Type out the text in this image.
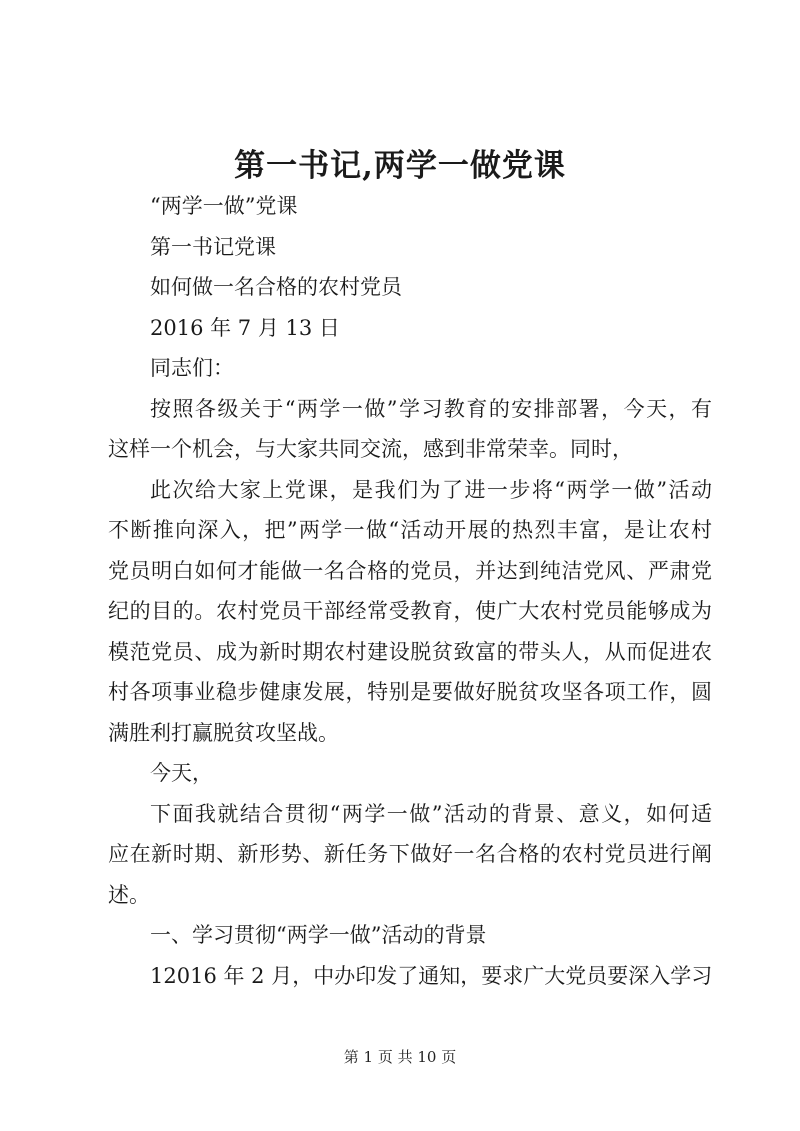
第一书记,两学一做党课
“两学一做”党课
第一书记党课
如何做一名合格的农村党员
2016 年 7 月 13 日
同志们：
按照各级关于“两学一做”学习教育的安排部署，今天，有
这样一个机会，与大家共同交流，感到非常荣幸。同时，
此次给大家上党课，是我们为了进一步将“两学一做”活动
不断推向深入，把”两学一做“活动开展的热烈丰富，是让农村
党员明白如何才能做一名合格的党员，并达到纯洁党风、严肃党
纪的目的。农村党员干部经常受教育，使广大农村党员能够成为
模范党员、成为新时期农村建设脱贫致富的带头人，从而促进农
村各项事业稳步健康发展，特别是要做好脱贫攻坚各项工作，圆
满胜利打赢脱贫攻坚战。
今天，
下面我就结合贯彻“两学一做”活动的背景、意义，如何适
应在新时期、新形势、新任务下做好一名合格的农村党员进行阐
述。
一、学习贯彻“两学一做”活动的背景
12016 年 2 月，中办印发了通知，要求广大党员要深入学习
第 1 页 共 10 页
